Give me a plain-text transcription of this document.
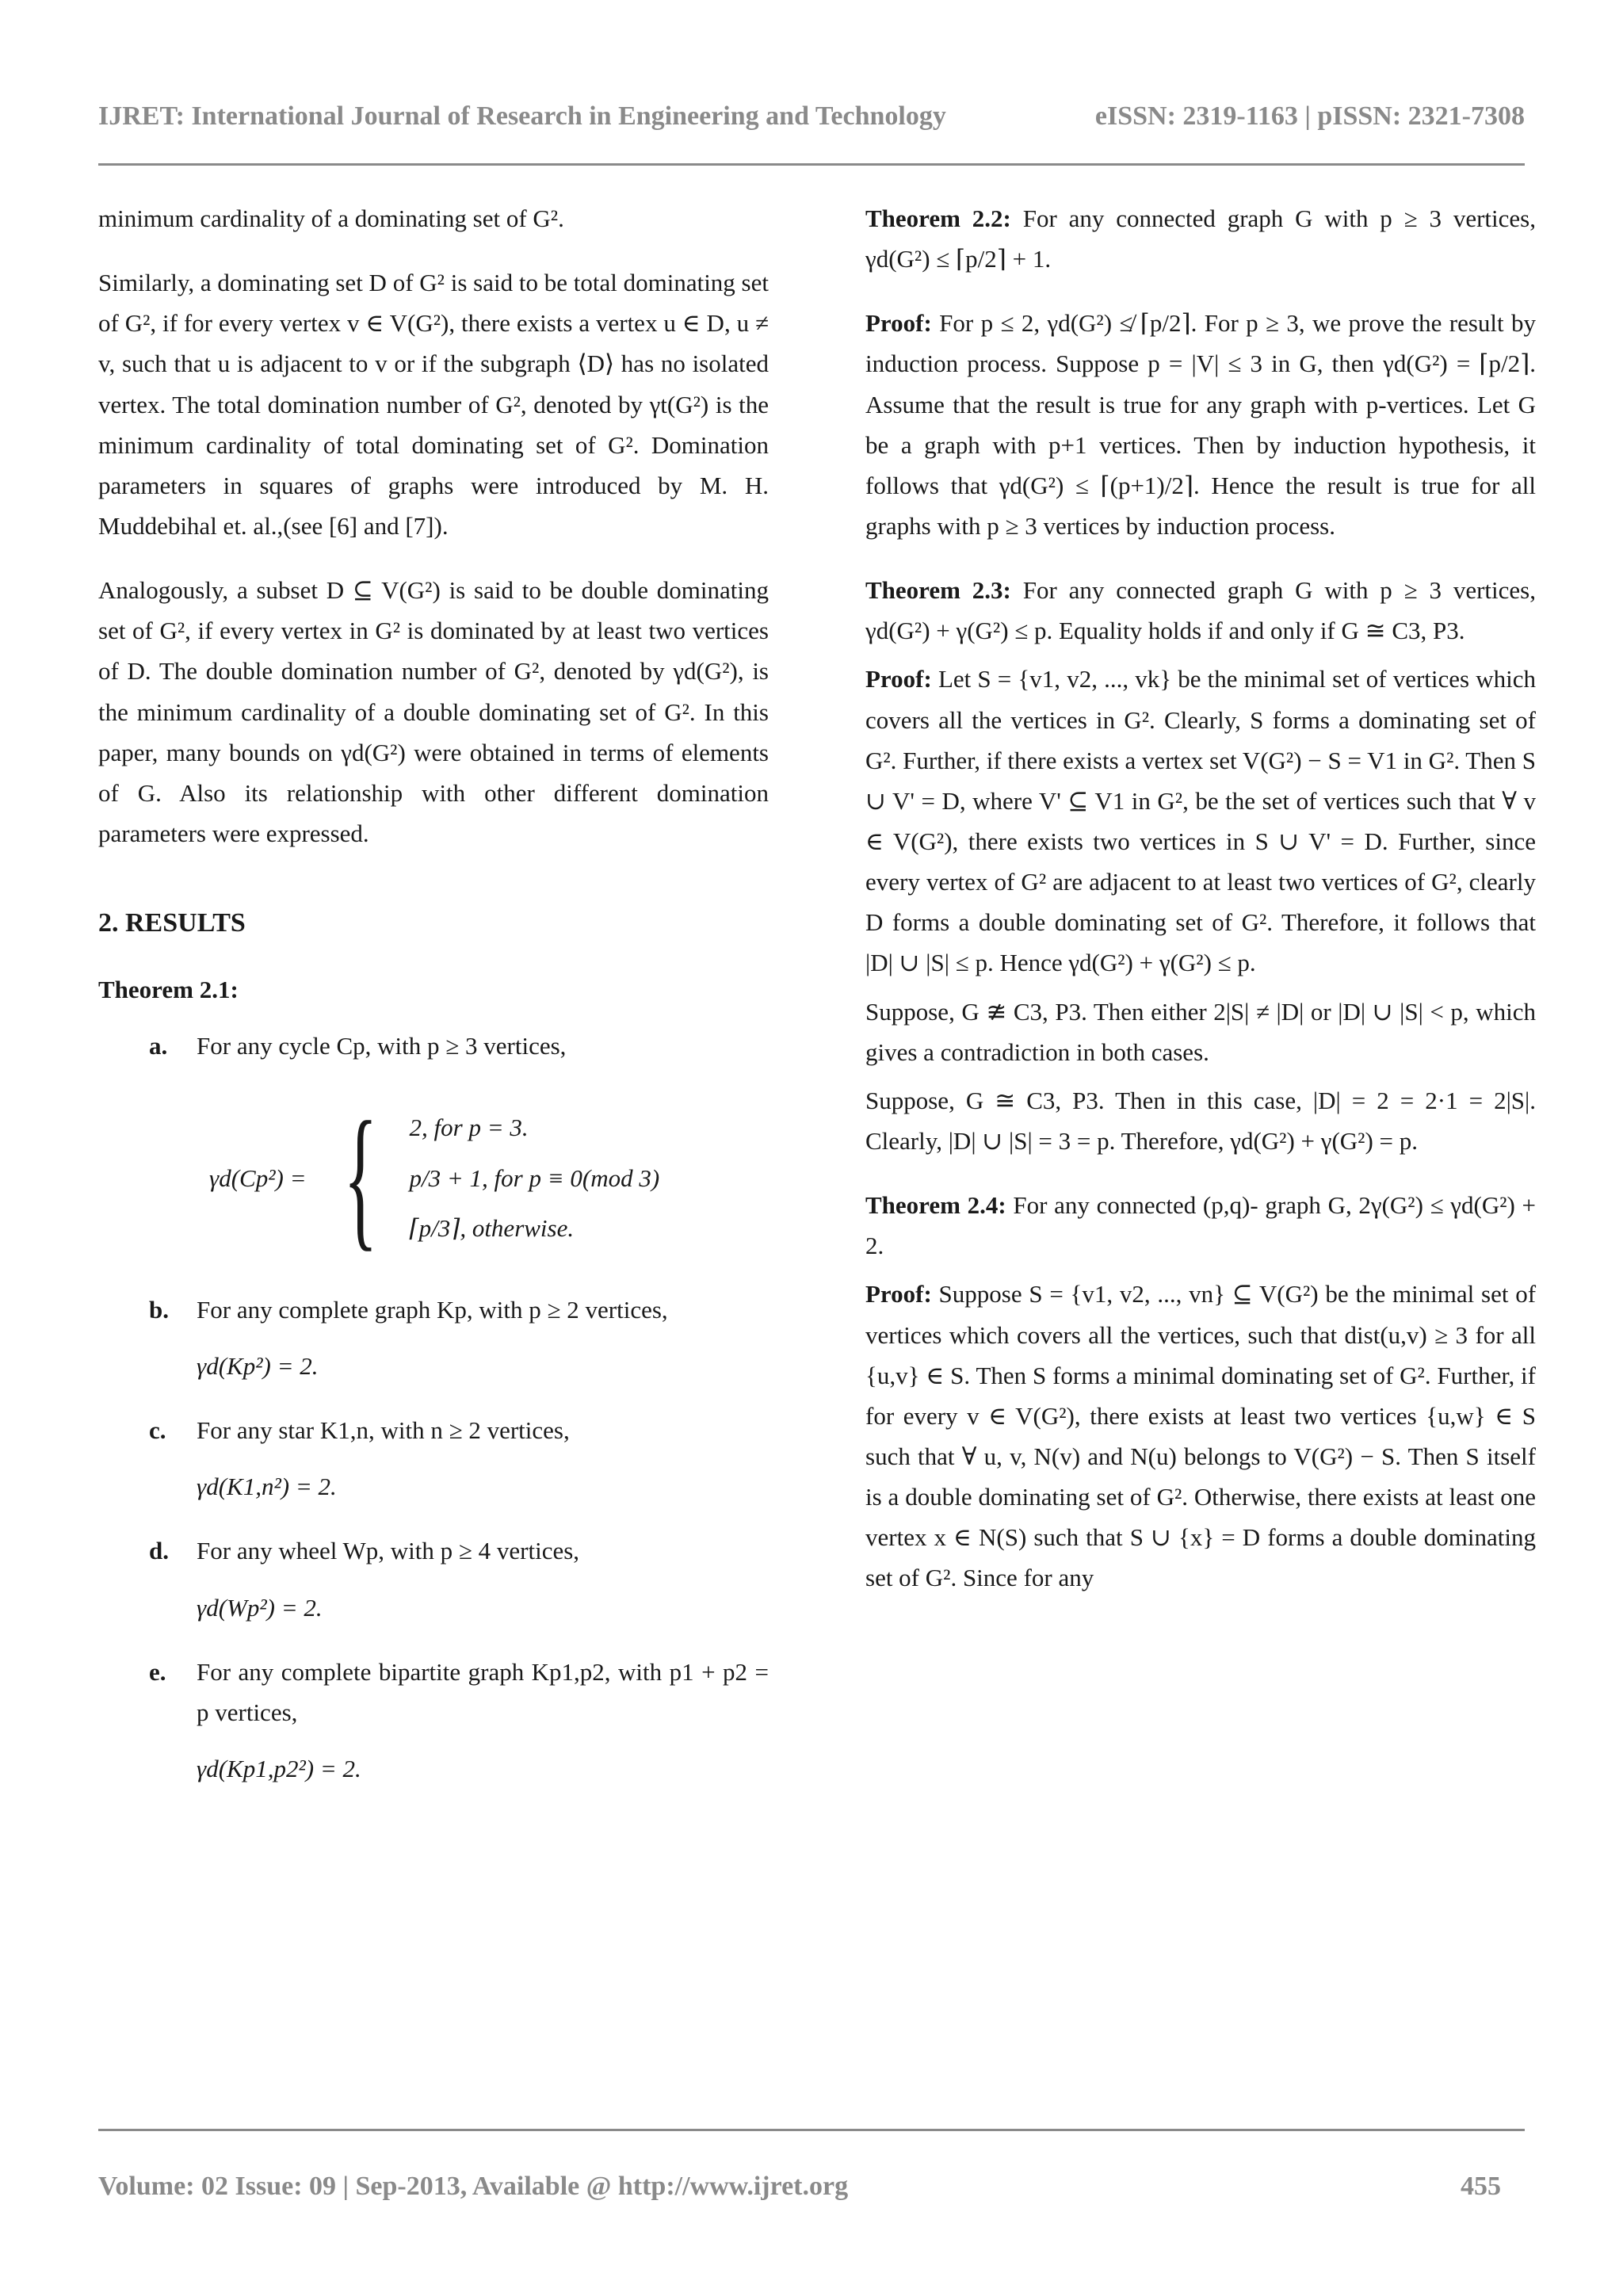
IJRET: International Journal of Research in Engineering and Technology	eISSN: 2319-1163 | pISSN: 2321-7308

minimum cardinality of a dominating set of G².

Similarly, a dominating set D of G² is said to be total dominating set of G², if for every vertex v ∈ V(G²), there exists a vertex u ∈ D, u ≠ v, such that u is adjacent to v or if the subgraph ⟨D⟩ has no isolated vertex. The total domination number of G², denoted by γt(G²) is the minimum cardinality of total dominating set of G². Domination parameters in squares of graphs were introduced by M. H. Muddebihal et. al.,(see [6] and [7]).

Analogously, a subset D ⊆ V(G²) is said to be double dominating set of G², if every vertex in G² is dominated by at least two vertices of D. The double domination number of G², denoted by γd(G²), is the minimum cardinality of a double dominating set of G². In this paper, many bounds on γd(G²) were obtained in terms of elements of G. Also its relationship with other different domination parameters were expressed.

2. RESULTS
Theorem 2.1:
a.	For any cycle Cp, with p ≥ 3 vertices,
γd(Cp²) = { 2, for p = 3.
p/3 + 1, for p ≡ 0(mod 3)
⌈p/3⌉, otherwise.
b.	For any complete graph Kp, with p ≥ 2 vertices,
γd(Kp²) = 2.
c.	For any star K1,n, with n ≥ 2 vertices,
γd(K1,n²) = 2.
d.	For any wheel Wp, with p ≥ 4 vertices,
γd(Wp²) = 2.
e.	For any complete bipartite graph Kp1,p2, with p1 + p2 = p vertices,
γd(Kp1,p2²) = 2.

Theorem 2.2: For any connected graph G with p ≥ 3 vertices, γd(G²) ≤ ⌈p/2⌉ + 1.

Proof: For p ≤ 2, γd(G²) ≰ ⌈p/2⌉. For p ≥ 3, we prove the result by induction process. Suppose p = |V| ≤ 3 in G, then γd(G²) = ⌈p/2⌉. Assume that the result is true for any graph with p-vertices. Let G be a graph with p+1 vertices. Then by induction hypothesis, it follows that γd(G²) ≤ ⌈(p+1)/2⌉. Hence the result is true for all graphs with p ≥ 3 vertices by induction process.

Theorem 2.3: For any connected graph G with p ≥ 3 vertices, γd(G²) + γ(G²) ≤ p. Equality holds if and only if G ≅ C3, P3.

Proof: Let S = {v1, v2, ..., vk} be the minimal set of vertices which covers all the vertices in G². Clearly, S forms a dominating set of G². Further, if there exists a vertex set V(G²) − S = V1 in G². Then S ∪ V' = D, where V' ⊆ V1 in G², be the set of vertices such that ∀ v ∈ V(G²), there exists two vertices in S ∪ V' = D. Further, since every vertex of G² are adjacent to at least two vertices of G², clearly D forms a double dominating set of G². Therefore, it follows that |D| ∪ |S| ≤ p. Hence γd(G²) + γ(G²) ≤ p.

Suppose, G ≇ C3, P3. Then either 2|S| ≠ |D| or |D| ∪ |S| < p, which gives a contradiction in both cases.

Suppose, G ≅ C3, P3. Then in this case, |D| = 2 = 2·1 = 2|S|. Clearly, |D| ∪ |S| = 3 = p. Therefore, γd(G²) + γ(G²) = p.

Theorem 2.4: For any connected (p,q)- graph G, 2γ(G²) ≤ γd(G²) + 2.

Proof: Suppose S = {v1, v2, ..., vn} ⊆ V(G²) be the minimal set of vertices which covers all the vertices, such that dist(u,v) ≥ 3 for all {u,v} ∈ S. Then S forms a minimal dominating set of G². Further, if for every v ∈ V(G²), there exists at least two vertices {u,w} ∈ S such that ∀ u, v, N(v) and N(u) belongs to V(G²) − S. Then S itself is a double dominating set of G². Otherwise, there exists at least one vertex x ∈ N(S) such that S ∪ {x} = D forms a double dominating set of G². Since for any

Volume: 02 Issue: 09 | Sep-2013, Available @ http://www.ijret.org	455
